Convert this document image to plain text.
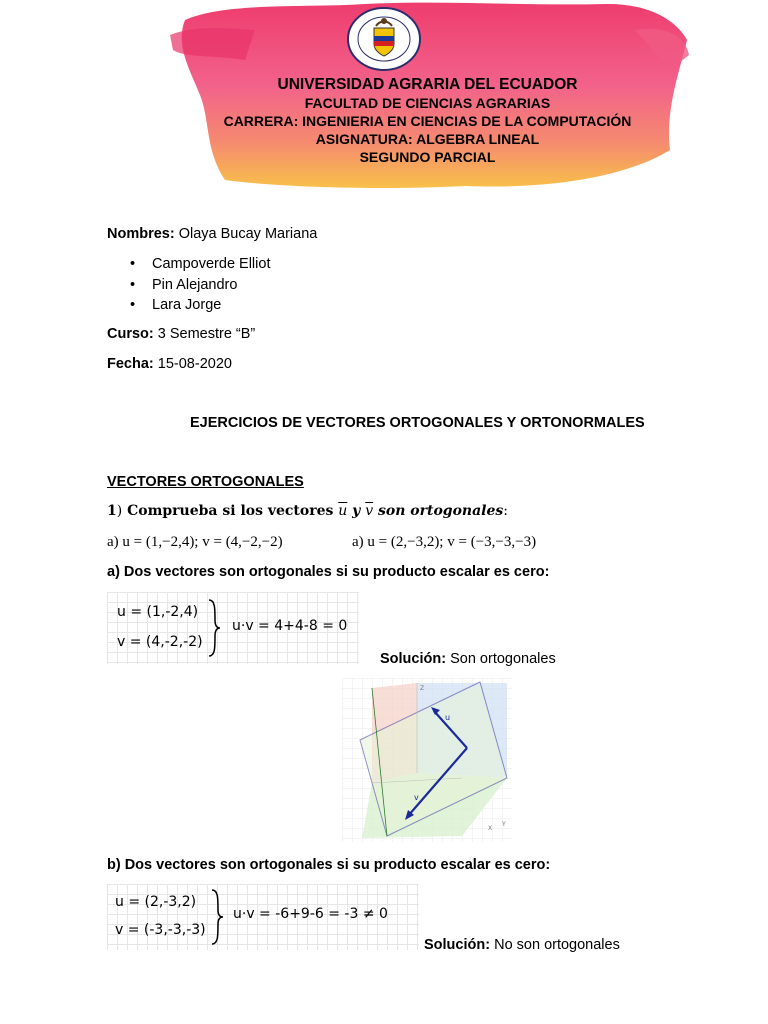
UNIVERSIDAD AGRARIA DEL ECUADOR
FACULTAD DE CIENCIAS AGRARIAS
CARRERA: INGENIERIA EN CIENCIAS DE LA COMPUTACIÓN
ASIGNATURA: ALGEBRA LINEAL
SEGUNDO PARCIAL
Nombres: Olaya Bucay Mariana
• Campoverde Elliot
• Pin Alejandro
• Lara Jorge
Curso: 3 Semestre “B”
Fecha: 15-08-2020
EJERCICIOS DE VECTORES ORTOGONALES Y ORTONORMALES
VECTORES ORTOGONALES
1) Comprueba si los vectores $\overline{u}$ y $\overline{v}$ son ortogonales:
a) u = (1,−2,4); v = (4,−2,−2)	a) u = (2,−3,2); v = (−3,−3,−3)
a) Dos vectores son ortogonales si su producto escalar es cero:
u = (1,-2,4)
v = (4,-2,-2)
u·v = 4+4-8 = 0
Solución: Son ortogonales
u
v
Z
Y
X
b) Dos vectores son ortogonales si su producto escalar es cero:
u = (2,-3,2)
v = (-3,-3,-3)
u·v = -6+9-6 = -3 ≠ 0
Solución: No son ortogonales
